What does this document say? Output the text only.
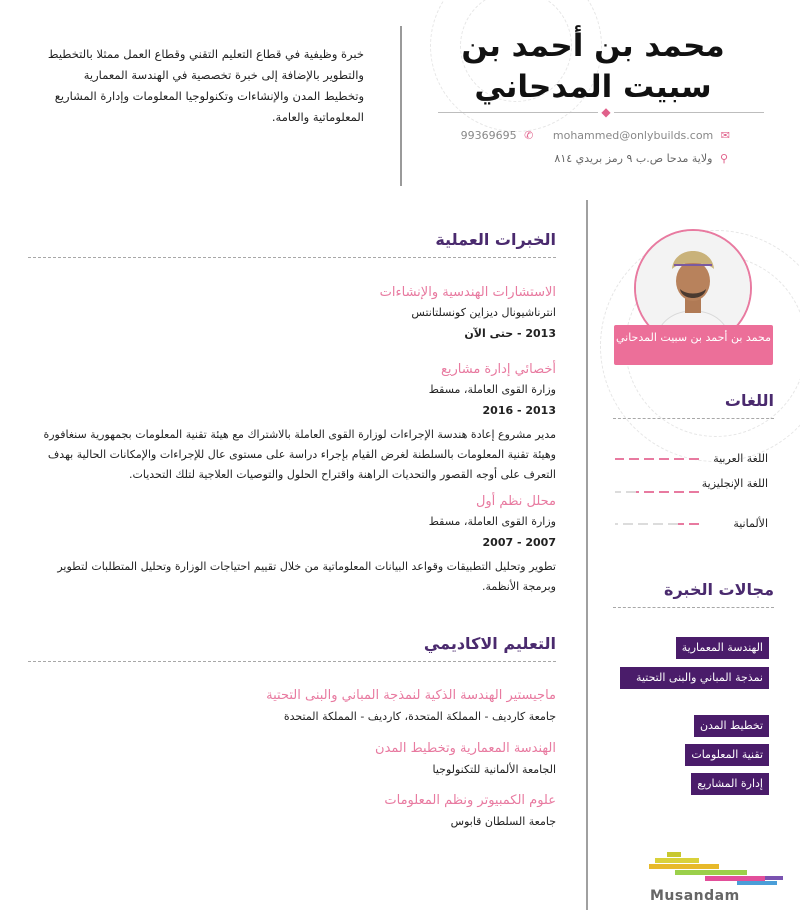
محمد بن أحمد بن سبيت المدحاني
◆
99369695 ✆ mohammed@onlybuilds.com ✉
⚲ ولاية مدحا ص.ب ٩ رمز بريدي ٨١٤
خبرة وظيفية في قطاع التعليم التقني وقطاع العمل ممثلا بالتخطيط والتطوير بالإضافة إلى خبرة تخصصية في الهندسة المعمارية وتخطيط المدن والإنشاءات وتكنولوجيا المعلومات وإدارة المشاريع المعلوماتية والعامة.
الخبرات العملية
الاستشارات الهندسية والإنشاءات
انترناشيونال ديزاين كونسلتانتس
2013 - حتى الآن
أخصائي إدارة مشاريع
وزارة القوى العاملة، مسقط
2013 - 2016
مدير مشروع إعادة هندسة الإجراءات لوزارة القوى العاملة بالاشتراك مع هيئة تقنية المعلومات بجمهورية سنغافورة وهيئة تقنية المعلومات بالسلطنة لغرض القيام بإجراء دراسة على مستوى عال للإجراءات والإمكانات الحالية بهدف التعرف على أوجه القصور والتحديات الراهنة واقتراح الحلول والتوصيات العلاجية لتلك التحديات.
محلل نظم أول
وزارة القوى العاملة، مسقط
2007 - 2007
تطوير وتحليل التطبيقات وقواعد البيانات المعلوماتية من خلال تقييم احتياجات الوزارة وتحليل المتطلبات لتطوير وبرمجة الأنظمة.
التعليم الاكاديمي
ماجيستير الهندسة الذكية لنمذجة المباني والبنى التحتية
جامعة كارديف - المملكة المتحدة، كارديف - المملكة المتحدة
الهندسة المعمارية وتخطيط المدن
الجامعة الألمانية للتكنولوجيا
علوم الكمبيوتر ونظم المعلومات
جامعة السلطان قابوس
محمد بن أحمد بن سبيت المدحاني
اللغات
اللغة العربية
اللغة الإنجليزية
الألمانية
مجالات الخبرة
الهندسة المعمارية
نمذجة المباني والبنى التحتية
تخطيط المدن
تقنية المعلومات
إدارة المشاريع
Musandam
